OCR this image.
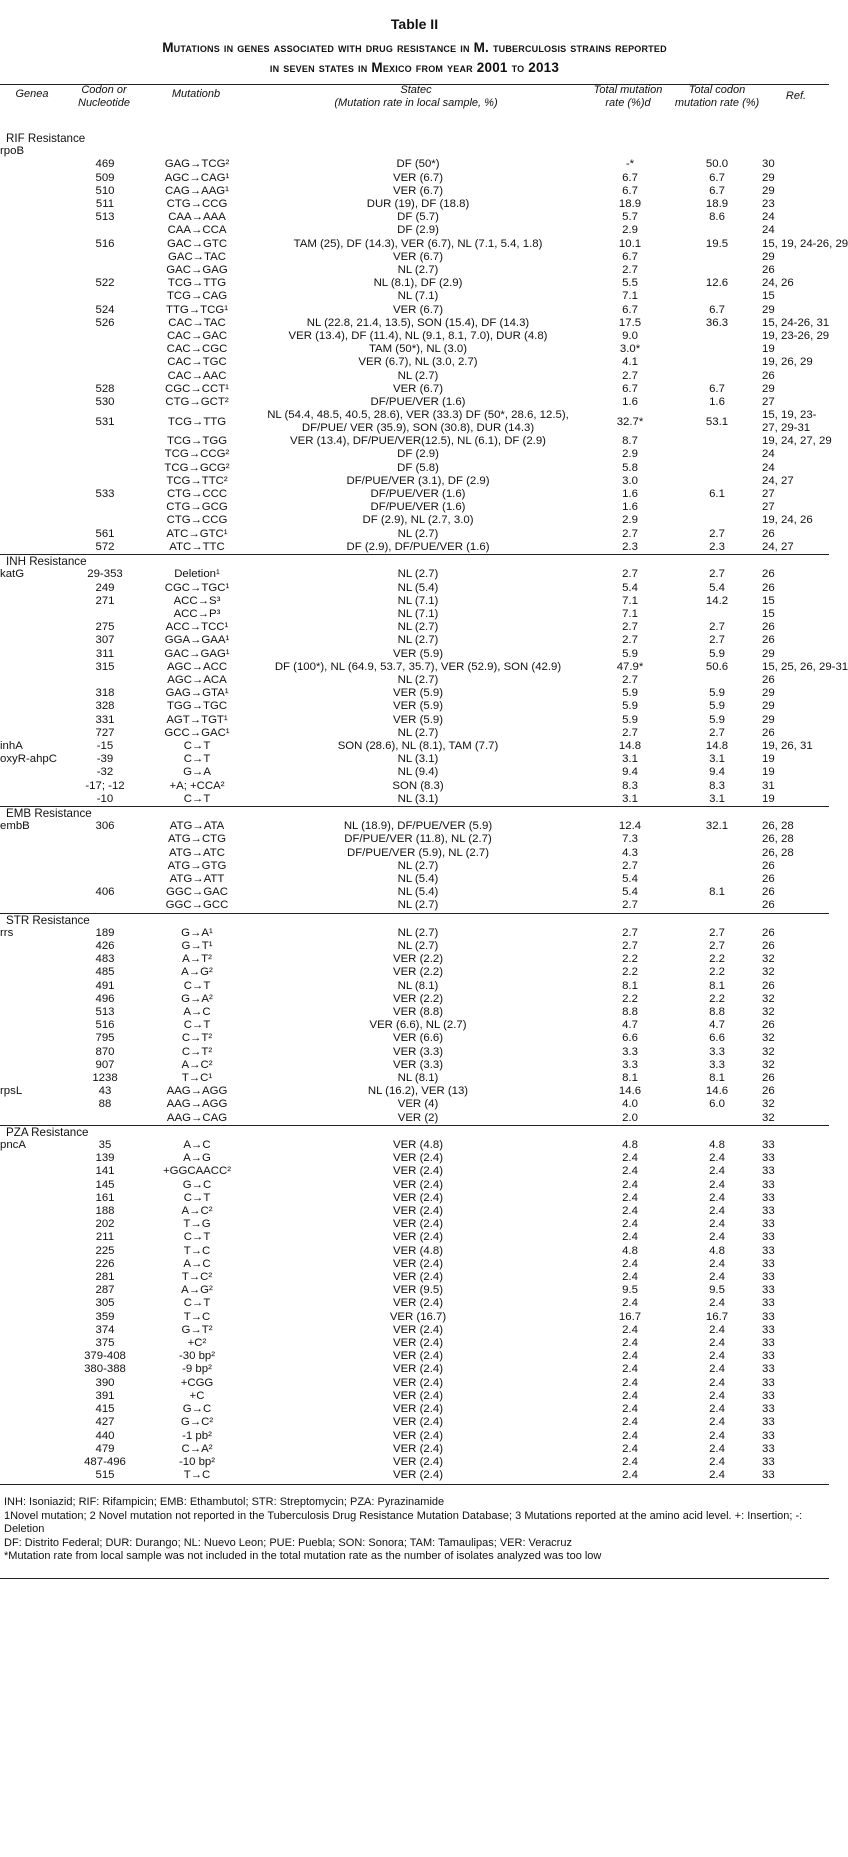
Table II
Mutations in genes associated with drug resistance in M. tuberculosis strains reported
in seven states in Mexico from year 2001 to 2013
Genea	Codon or Nucleotide
Mutationb	Statec
(Mutation rate in local sample, %)
Total mutation rate (%)d
Total codon mutation rate (%)
Ref.
RIF Resistance						
rpoB						
	469	GAG→TCG²	DF (50*)	-*	50.0	30
	509	AGC→CAG¹	VER (6.7)	6.7	6.7	29
	510	CAG→AAG¹	VER (6.7)	6.7	6.7	29
	511	CTG→CCG	DUR (19), DF (18.8)	18.9	18.9	23
	513	CAA→AAA	DF (5.7)	5.7	8.6	24
		CAA→CCA	DF (2.9)	2.9		24
	516	GAC→GTC	TAM (25), DF (14.3), VER (6.7), NL (7.1, 5.4, 1.8)	10.1	19.5	15, 19, 24-26, 29
		GAC→TAC	VER (6.7)	6.7		29
		GAC→GAG	NL (2.7)	2.7		26
	522	TCG→TTG	NL (8.1), DF (2.9)	5.5	12.6	24, 26
		TCG→CAG	NL (7.1)	7.1		15
	524	TTG→TCG¹	VER (6.7)	6.7	6.7	29
	526	CAC→TAC	NL (22.8, 21.4, 13.5), SON (15.4), DF (14.3)	17.5	36.3	15, 24-26, 31
		CAC→GAC	VER (13.4), DF (11.4), NL (9.1, 8.1, 7.0), DUR (4.8)	9.0		19, 23-26, 29
		CAC→CGC	TAM (50*), NL (3.0)	3.0*		19
		CAC→TGC	VER (6.7), NL (3.0, 2.7)	4.1		19, 26, 29
		CAC→AAC	NL (2.7)	2.7		26
	528	CGC→CCT¹	VER (6.7)	6.7	6.7	29
	530	CTG→GCT²	DF/PUE/VER (1.6)	1.6	1.6	27
	531	TCG→TTG	NL (54.4, 48.5, 40.5, 28.6), VER (33.3) DF (50*, 28.6, 12.5), DF/PUE/ VER (35.9), SON (30.8), DUR (14.3)	32.7*	53.1	15, 19, 23-27, 29-31
		TCG→TGG	VER (13.4), DF/PUE/VER(12.5), NL (6.1), DF (2.9)	8.7		19, 24, 27, 29
		TCG→CCG²	DF (2.9)	2.9		24
		TCG→GCG²	DF (5.8)	5.8		24
		TCG→TTC²	DF/PUE/VER (3.1), DF (2.9)	3.0		24, 27
	533	CTG→CCC	DF/PUE/VER (1.6)	1.6	6.1	27
		CTG→GCG	DF/PUE/VER (1.6)	1.6		27
		CTG→CCG	DF (2.9), NL (2.7, 3.0)	2.9		19, 24, 26
	561	ATC→GTC¹	NL (2.7)	2.7	2.7	26
	572	ATC→TTC	DF (2.9), DF/PUE/VER (1.6)	2.3	2.3	24, 27
INH Resistance						
katG	29-353	Deletion¹	NL (2.7)	2.7	2.7	26
	249	CGC→TGC¹	NL (5.4)	5.4	5.4	26
	271	ACC→S³	NL (7.1)	7.1	14.2	15
		ACC→P³	NL (7.1)	7.1		15
	275	ACC→TCC¹	NL (2.7)	2.7	2.7	26
	307	GGA→GAA¹	NL (2.7)	2.7	2.7	26
	311	GAC→GAG¹	VER (5.9)	5.9	5.9	29
	315	AGC→ACC	DF (100*), NL (64.9, 53.7, 35.7), VER (52.9), SON (42.9)	47.9*	50.6	15, 25, 26, 29-31
		AGC→ACA	NL (2.7)	2.7		26
	318	GAG→GTA¹	VER (5.9)	5.9	5.9	29
	328	TGG→TGC	VER (5.9)	5.9	5.9	29
	331	AGT→TGT¹	VER (5.9)	5.9	5.9	29
	727	GCC→GAC¹	NL (2.7)	2.7	2.7	26
inhA	-15	C→T	SON (28.6), NL (8.1), TAM (7.7)	14.8	14.8	19, 26, 31
oxyR-ahpC	-39	C→T	NL (3.1)	3.1	3.1	19
	-32	G→A	NL (9.4)	9.4	9.4	19
	-17; -12	+A; +CCA²	SON (8.3)	8.3	8.3	31
	-10	C→T	NL (3.1)	3.1	3.1	19
EMB Resistance						
embB	306	ATG→ATA	NL (18.9), DF/PUE/VER (5.9)	12.4	32.1	26, 28
		ATG→CTG	DF/PUE/VER (11.8), NL (2.7)	7.3		26, 28
		ATG→ATC	DF/PUE/VER (5.9), NL (2.7)	4.3		26, 28
		ATG→GTG	NL (2.7)	2.7		26
		ATG→ATT	NL (5.4)	5.4		26
	406	GGC→GAC	NL (5.4)	5.4	8.1	26
		GGC→GCC	NL (2.7)	2.7		26
STR Resistance						
rrs	189	G→A¹	NL (2.7)	2.7	2.7	26
	426	G→T¹	NL (2.7)	2.7	2.7	26
	483	A→T²	VER (2.2)	2.2	2.2	32
	485	A→G²	VER (2.2)	2.2	2.2	32
	491	C→T	NL (8.1)	8.1	8.1	26
	496	G→A²	VER (2.2)	2.2	2.2	32
	513	A→C	VER (8.8)	8.8	8.8	32
	516	C→T	VER (6.6), NL (2.7)	4.7	4.7	26
	795	C→T²	VER (6.6)	6.6	6.6	32
	870	C→T²	VER (3.3)	3.3	3.3	32
	907	A→C²	VER (3.3)	3.3	3.3	32
	1238	T→C¹	NL (8.1)	8.1	8.1	26
rpsL	43	AAG→AGG	NL (16.2), VER (13)	14.6	14.6	26
	88	AAG→AGG	VER (4)	4.0	6.0	32
		AAG→CAG	VER (2)	2.0		32
PZA Resistance						
pncA	35	A→C	VER (4.8)	4.8	4.8	33
	139	A→G	VER (2.4)	2.4	2.4	33
	141	+GGCAACC²	VER (2.4)	2.4	2.4	33
	145	G→C	VER (2.4)	2.4	2.4	33
	161	C→T	VER (2.4)	2.4	2.4	33
	188	A→C²	VER (2.4)	2.4	2.4	33
	202	T→G	VER (2.4)	2.4	2.4	33
	211	C→T	VER (2.4)	2.4	2.4	33
	225	T→C	VER (4.8)	4.8	4.8	33
	226	A→C	VER (2.4)	2.4	2.4	33
	281	T→C²	VER (2.4)	2.4	2.4	33
	287	A→G²	VER (9.5)	9.5	9.5	33
	305	C→T	VER (2.4)	2.4	2.4	33
	359	T→C	VER (16.7)	16.7	16.7	33
	374	G→T²	VER (2.4)	2.4	2.4	33
	375	+C²	VER (2.4)	2.4	2.4	33
	379-408	-30 bp²	VER (2.4)	2.4	2.4	33
	380-388	-9 bp²	VER (2.4)	2.4	2.4	33
	390	+CGG	VER (2.4)	2.4	2.4	33
	391	+C	VER (2.4)	2.4	2.4	33
	415	G→C	VER (2.4)	2.4	2.4	33
	427	G→C²	VER (2.4)	2.4	2.4	33
	440	-1 pb²	VER (2.4)	2.4	2.4	33
	479	C→A²	VER (2.4)	2.4	2.4	33
	487-496	-10 bp²	VER (2.4)	2.4	2.4	33
	515	T→C	VER (2.4)	2.4	2.4	33
INH: Isoniazid; RIF: Rifampicin; EMB: Ethambutol; STR: Streptomycin; PZA: Pyrazinamide
1Novel mutation; 2 Novel mutation not reported in the Tuberculosis Drug Resistance Mutation Database; 3 Mutations reported at the amino acid level. +: Insertion; -: Deletion
DF: Distrito Federal; DUR: Durango; NL: Nuevo Leon; PUE: Puebla; SON: Sonora; TAM: Tamaulipas; VER: Veracruz
*Mutation rate from local sample was not included in the total mutation rate as the number of isolates analyzed was too low
